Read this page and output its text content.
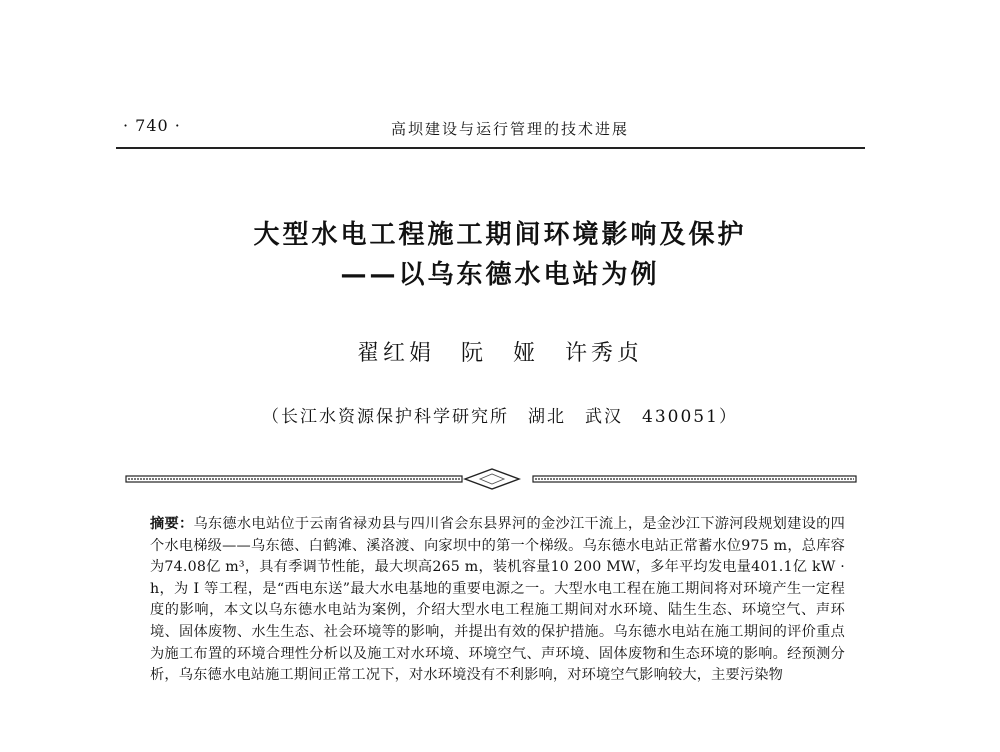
· 740 ·	高坝建设与运行管理的技术进展
大型水电工程施工期间环境影响及保护
——以乌东德水电站为例
翟红娟　阮　娅　许秀贞
（长江水资源保护科学研究所　湖北　武汉　430051）

摘要：乌东德水电站位于云南省禄劝县与四川省会东县界河的金沙江干流上，是金沙江下游河段规划建设的四个水电梯级——乌东德、白鹤滩、溪洛渡、向家坝中的第一个梯级。乌东德水电站正常蓄水位975 m，总库容为74.08亿 m³，具有季调节性能，最大坝高265 m，装机容量10 200 MW，多年平均发电量401.1亿 kW · h，为 I 等工程，是“西电东送”最大水电基地的重要电源之一。大型水电工程在施工期间将对环境产生一定程度的影响，本文以乌东德水电站为案例，介绍大型水电工程施工期间对水环境、陆生生态、环境空气、声环境、固体废物、水生生态、社会环境等的影响，并提出有效的保护措施。乌东德水电站在施工期间的评价重点为施工布置的环境合理性分析以及施工对水环境、环境空气、声环境、固体废物和生态环境的影响。经预测分析，乌东德水电站施工期间正常工况下，对水环境没有不利影响，对环境空气影响较大，主要污染物
